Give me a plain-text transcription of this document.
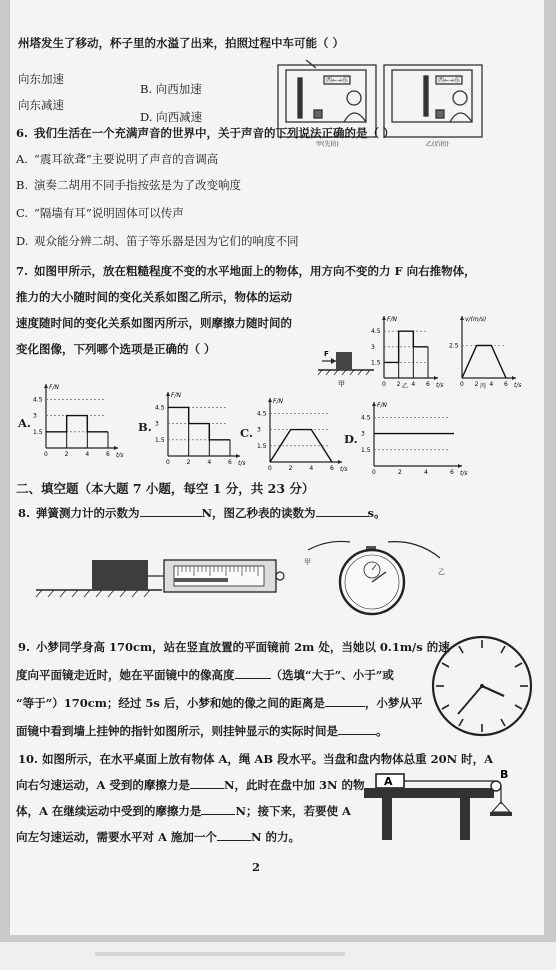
州塔发生了移动，杯子里的水溢了出来，拍照过程中车可能（ ）
向东加速
B. 向西加速
向东减速
D. 向西减速
甲(先拍)	乙(后拍)
西←→东	西←→东
6. 我们生活在一个充满声音的世界中，关于声音的下列说法正确的是（ ）
A. “震耳欲聋”主要说明了声音的音调高
B. 演奏二胡用不同手指按弦是为了改变响度
C. “隔墙有耳”说明固体可以传声
D. 观众能分辨二胡、笛子等乐器是因为它们的响度不同
7. 如图甲所示，放在粗糙程度不变的水平地面上的物体，用方向不变的力 F 向右推物体，
推力的大小随时间的变化关系如图乙所示，物体的运动
速度随时间的变化关系如图丙所示，则摩擦力随时间的
变化图像，下列哪个选项是正确的（ ）	F
甲
F/N
t/s
0 2 4 6
4.5
3
1.5
乙
v/(m/s)
t/s
0 2 4 6
2.5
丙
A.	B.	C.	D.
F/N
t/s
0	2	4	6
4.5
3
1.5
F/N
t/s
0	2	4	6
4.5
3
1.5
F/N
t/s
0	2	4	6
4.5
3
1.5
F/N
t/s
0	2	4	6
4.5
3
1.5
二、填空题（本大题 7 小题，每空 1 分，共 23 分）
8. 弹簧测力计的示数为	N，图乙秒表的读数为	s。
甲
乙
9. 小梦同学身高 170cm，站在竖直放置的平面镜前 2m 处，当她以 0.1m/s 的速
度向平面镜走近时，她在平面镜中的像高度	（选填“大于”、小于”或
“等于”）170cm；经过 5s 后，小梦和她的像之间的距离是	，小梦从平
面镜中看到墙上挂钟的指针如图所示，则挂钟显示的实际时间是	。
10. 如图所示，在水平桌面上放有物体 A，绳 AB 段水平。当盘和盘内物体总重 20N 时，A
向右匀速运动，A 受到的摩擦力是	N，此时在盘中加 3N 的物
体，A 在继续运动中受到的摩擦力是	N；接下来，若要使 A
向左匀速运动，需要水平对 A 施加一个	N 的力。
A
B
2
